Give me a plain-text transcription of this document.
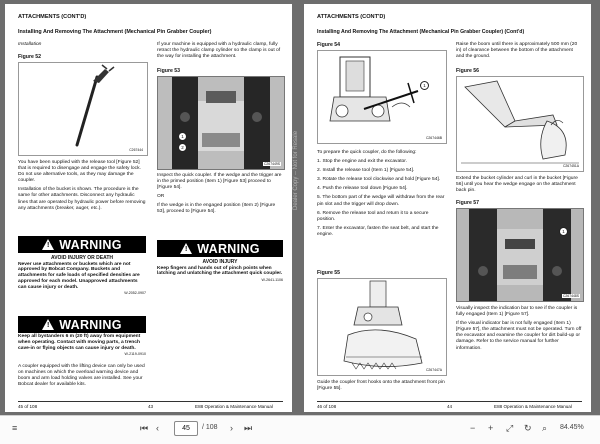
ATTACHMENTS (CONT'D)
Installing And Removing The Attachment (Mechanical Pin Grabber Coupler)
Installation
Figure 52
C267444

You have been supplied with the release tool [Figure 52] that is required to disengage and engage the safety lock. Do not use alternative tools, as they may damage the coupler.

Installation of the bucket is shown. The procedure is the same for other attachments. Disconnect any hydraulic lines that are operated by hydraulic power before removing any attachments (breaker, auger, etc.).

! WARNING
AVOID INJURY OR DEATH
Never use attachments or buckets which are not approved by Bobcat Company. Buckets and attachments for safe loads of specified densities are approved for each model. Unapproved attachments can cause injury or death.
W-2052-0907
! WARNING
Keep all bystanders 6 m (20 ft) away from equipment when operating. Contact with moving parts, a trench cave-in or flying objects can cause injury or death.
W-2119-0910

A coupler equipped with the lifting device can only be used on machines on which the overload warning device and boom and arm load holding valves are installed. See your Bobcat dealer for available kits.

If your machine is equipped with a hydraulic clamp, fully retract the hydraulic clamp cylinder so the clamp is out of the way for installing the attachment.

Figure 53
1
2
C267449S

Inspect the quick coupler. If the wedge and the trigger are in the primed position (Item 1) [Figure 53] proceed to [Figure 54].

OR

If the wedge is in the engaged position (Item 2) [Figure 53], proceed to [Figure 54].

! WARNING
AVOID INJURY
Keep fingers and hands out of pinch points when latching and unlatching the attachment quick coupler.
W-2641-1106
45 of 108	43	E88 Operation & Maintenance Manual
Dealer Copy -- Not for Resale
ATTACHMENTS (CONT'D)
Installing And Removing The Attachment (Mechanical Pin Grabber Coupler) (Cont'd)
Figure 54
1
C267446B

To prepare the quick coupler, do the following:

1. Stop the engine and exit the excavator.

2. Install the release tool (Item 1) [Figure 54].

3. Rotate the release tool clockwise and hold [Figure 54].

4. Push the release tool down [Figure 54].

5. The bottom part of the wedge will withdraw from the rear pin slot and the trigger will drop down.

6. Remove the release tool and return it to a secure position.

7. Enter the excavator, fasten the seat belt, and start the engine.

Figure 55
C267447A

Guide the coupler front hooks onto the attachment front pin [Figure 55].

Raise the boom until there is approximately 500 mm (20 in) of clearance between the bottom of the attachment and the ground.

Figure 56
C267451A

Extend the bucket cylinder and curl in the bucket [Figure 56] until you hear the wedge engage on the attachment back pin.

Figure 57
1
C267448S

Visually inspect the indication bar to see if the coupler is fully engaged (Item 1) [Figure 57].

If the visual indicator bar is not fully engaged (Item 1) [Figure 57], the attachment must not be operated. Turn off the excavator and examine the coupler for dirt build-up or damage. Refer to the service manual for further information.

46 of 108	44	E88 Operation & Maintenance Manual
≡	⏮ ‹	45	/ 108 › ⏭	− + ⤢ ↻ ⌕ 84.45%
